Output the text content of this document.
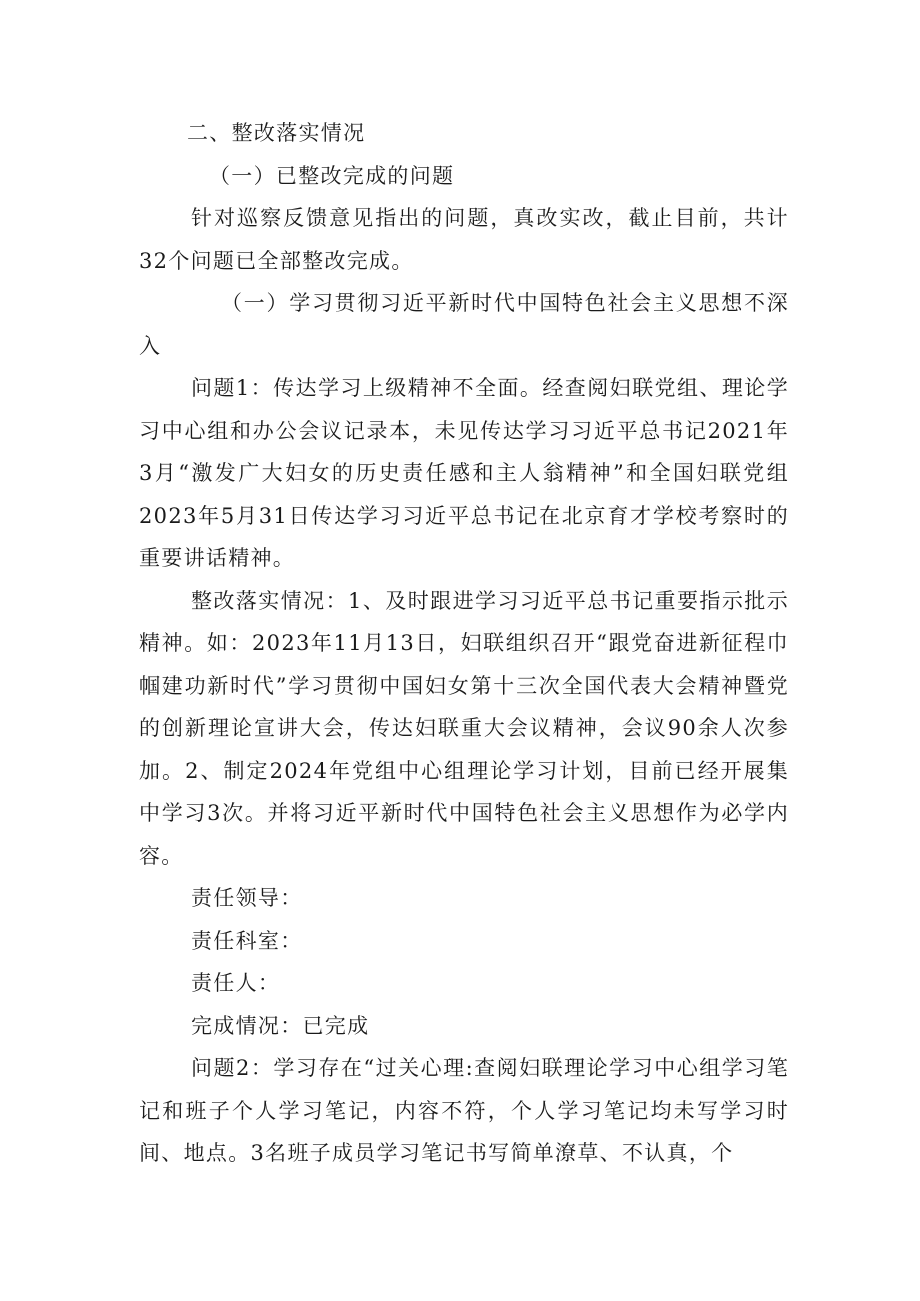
二、整改落实情况

（一）已整改完成的问题

针对巡察反馈意见指出的问题，真改实改，截止目前，共计32个问题已全部整改完成。

（一）学习贯彻习近平新时代中国特色社会主义思想不深入

问题1：传达学习上级精神不全面。经查阅妇联党组、理论学习中心组和办公会议记录本，未见传达学习习近平总书记2021年3月“激发广大妇女的历史责任感和主人翁精神”和全国妇联党组2023年5月31日传达学习习近平总书记在北京育才学校考察时的重要讲话精神。

整改落实情况：1、及时跟进学习习近平总书记重要指示批示精神。如：2023年11月13日，妇联组织召开“跟党奋进新征程巾帼建功新时代”学习贯彻中国妇女第十三次全国代表大会精神暨党的创新理论宣讲大会，传达妇联重大会议精神，会议90余人次参加。2、制定2024年党组中心组理论学习计划，目前已经开展集中学习3次。并将习近平新时代中国特色社会主义思想作为必学内容。

责任领导：

责任科室：

责任人：

完成情况：已完成

问题2：学习存在“过关心理:查阅妇联理论学习中心组学习笔记和班子个人学习笔记，内容不符，个人学习笔记均未写学习时间、地点。3名班子成员学习笔记书写简单潦草、不认真，个
